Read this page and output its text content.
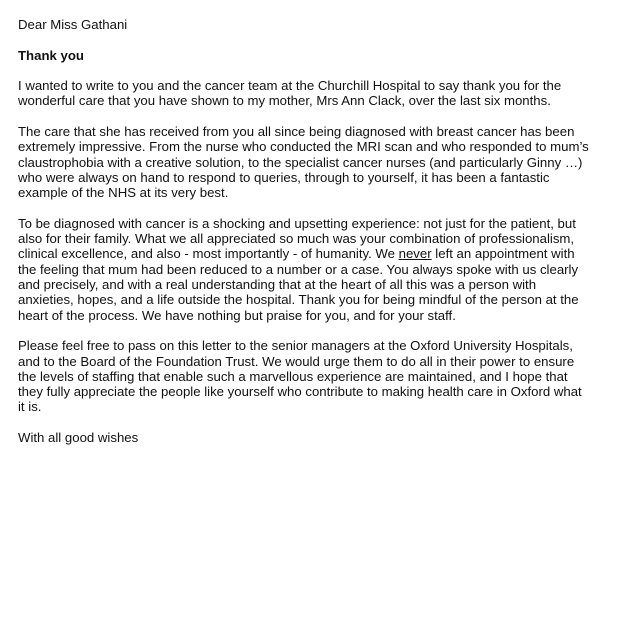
Dear Miss Gathani
Thank you
I wanted to write to you and the cancer team at the Churchill Hospital to say thank you for the
wonderful care that you have shown to my mother, Mrs Ann Clack, over the last six months.
The care that she has received from you all since being diagnosed with breast cancer has been
extremely impressive. From the nurse who conducted the MRI scan and who responded to mum’s
claustrophobia with a creative solution, to the specialist cancer nurses (and particularly Ginny …)
who were always on hand to respond to queries, through to yourself, it has been a fantastic
example of the NHS at its very best.
To be diagnosed with cancer is a shocking and upsetting experience: not just for the patient, but
also for their family. What we all appreciated so much was your combination of professionalism,
clinical excellence, and also - most importantly - of humanity. We never left an appointment with
the feeling that mum had been reduced to a number or a case. You always spoke with us clearly
and precisely, and with a real understanding that at the heart of all this was a person with
anxieties, hopes, and a life outside the hospital. Thank you for being mindful of the person at the
heart of the process. We have nothing but praise for you, and for your staff.
Please feel free to pass on this letter to the senior managers at the Oxford University Hospitals,
and to the Board of the Foundation Trust. We would urge them to do all in their power to ensure
the levels of staffing that enable such a marvellous experience are maintained, and I hope that
they fully appreciate the people like yourself who contribute to making health care in Oxford what
it is.
With all good wishes
